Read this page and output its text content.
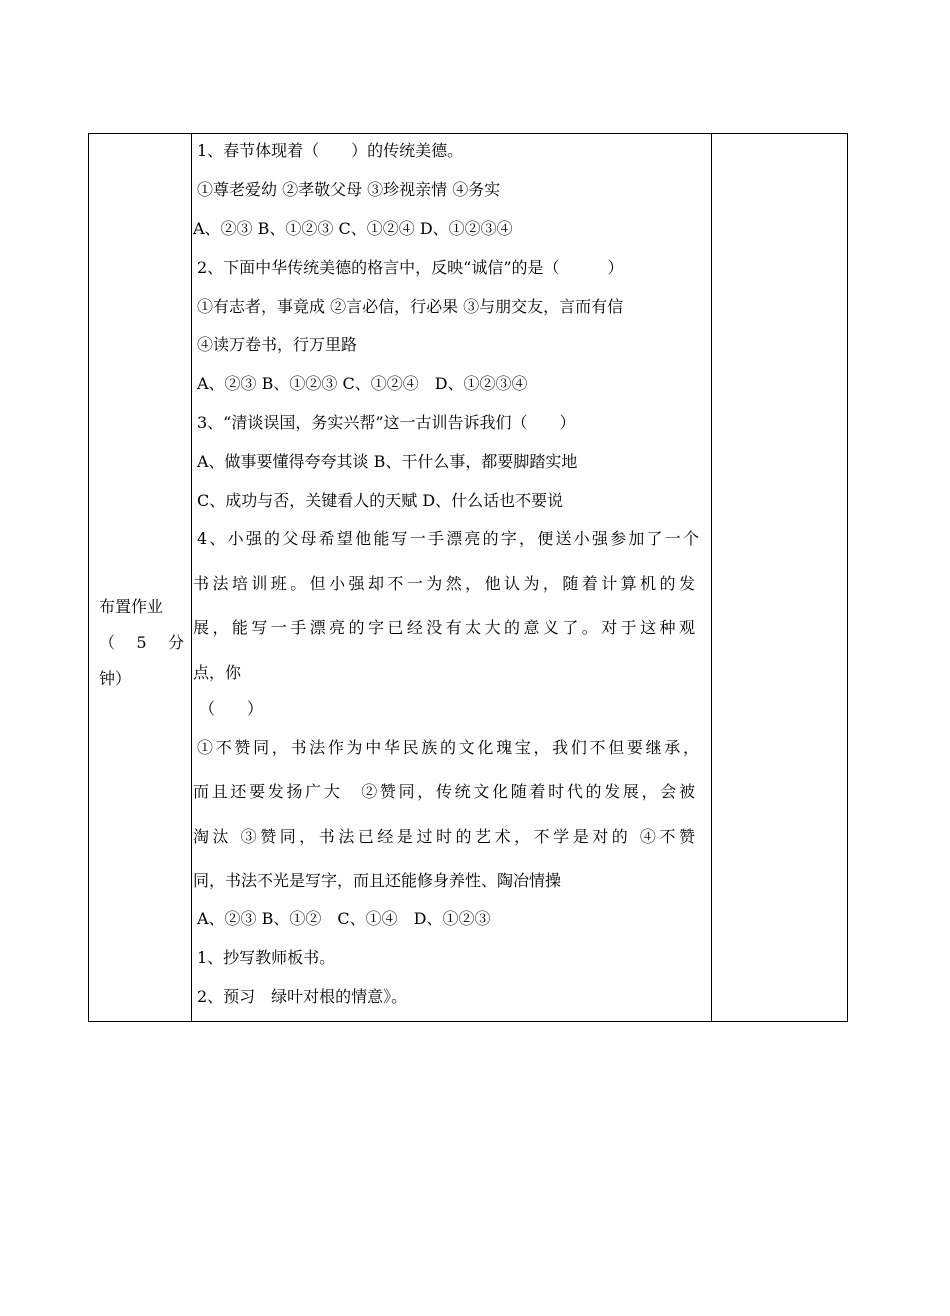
布置作业
（ 5 分
钟）
1、春节体现着（　　）的传统美德。
①尊老爱幼 ②孝敬父母 ③珍视亲情 ④务实
A、②③ B、①②③ C、①②④ D、①②③④
2、下面中华传统美德的格言中，反映“诚信”的是（　　　）
①有志者，事竟成 ②言必信，行必果 ③与朋交友，言而有信
④读万卷书，行万里路
A、②③ B、①②③ C、①②④　D、①②③④
3、“清谈误国，务实兴帮”这一古训告诉我们（　　）
A、做事要懂得夸夸其谈 B、干什么事，都要脚踏实地
C、成功与否，关键看人的天赋 D、什么话也不要说
4、小强的父母希望他能写一手漂亮的字，便送小强参加了一个
书法培训班。但小强却不一为然，他认为，随着计算机的发
展，能写一手漂亮的字已经没有太大的意义了。对于这种观
点，你
（　　）
①不赞同，书法作为中华民族的文化瑰宝，我们不但要继承，
而且还要发扬广大　②赞同，传统文化随着时代的发展，会被
淘汰 ③赞同，书法已经是过时的艺术，不学是对的 ④不赞
同，书法不光是写字，而且还能修身养性、陶冶情操
A、②③ B、①②　C、①④　D、①②③
1、抄写教师板书。
2、预习　绿叶对根的情意》。
